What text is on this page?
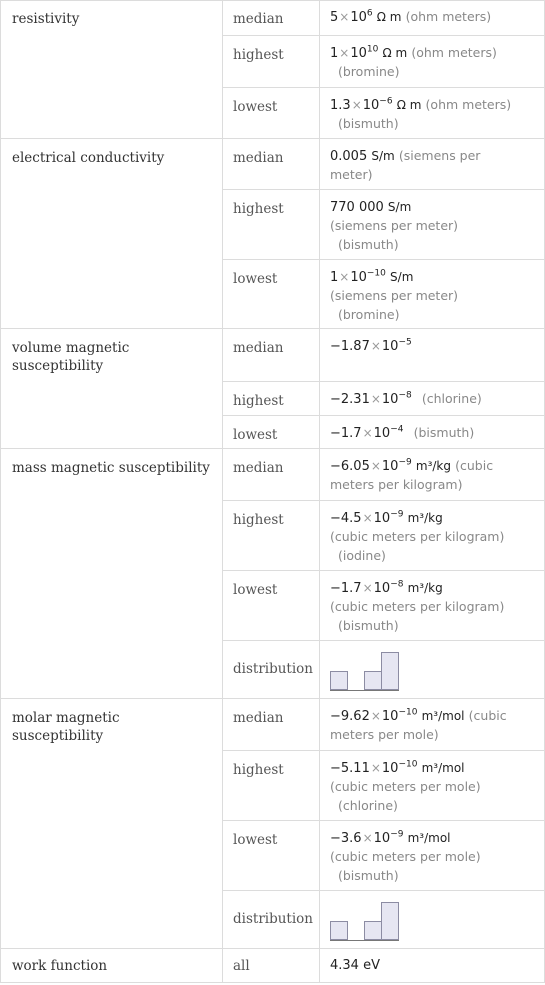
resistivity	median	$5\times 10^6$ Ω m (ohm meters)
highest	$1\times 10^{10}$ Ω m (ohm meters)
(bromine)
lowest	$1.3\times 10^{-6}$ Ω m (ohm meters)
(bismuth)
electrical conductivity	median	0.005 S/m (siemens per
meter)
highest	770 000 S/m
(siemens per meter)
(bismuth)
lowest	$1\times 10^{-10}$ S/m
(siemens per meter)
(bromine)
volume magnetic
susceptibility
median	$-1.87\times 10^{-5}$
highest	$-2.31\times 10^{-8}$ (chlorine)
lowest	$-1.7\times 10^{-4}$ (bismuth)
mass magnetic susceptibility	median	$-6.05\times 10^{-9}$ m³/kg (cubic
meters per kilogram)
highest	$-4.5\times 10^{-9}$ m³/kg
(cubic meters per kilogram)
(iodine)
lowest	$-1.7\times 10^{-8}$ m³/kg
(cubic meters per kilogram)
(bismuth)
distribution
molar magnetic susceptibility
median	$-9.62\times 10^{-10}$ m³/mol (cubic
meters per mole)
highest	$-5.11\times 10^{-10}$ m³/mol
(cubic meters per mole)
(chlorine)
lowest	$-3.6\times 10^{-9}$ m³/mol
(cubic meters per mole)
(bismuth)
distribution
work function	all	4.34 eV
